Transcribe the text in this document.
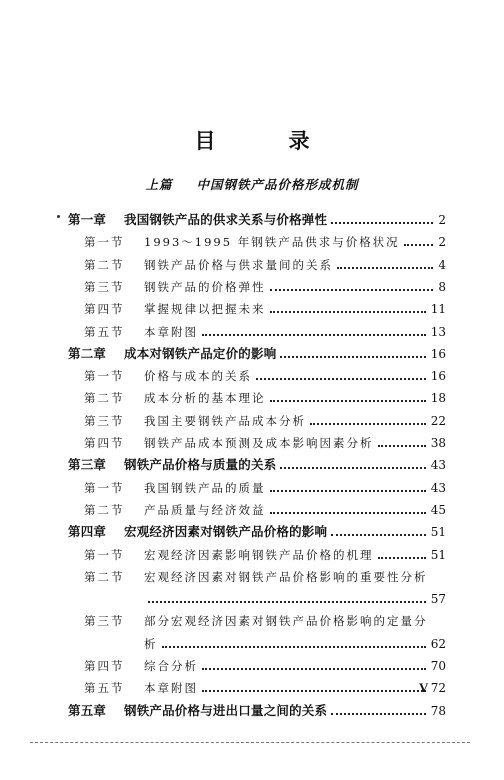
目　录
上篇 中国钢铁产品价格形成机制
第一章	我国钢铁产品的供求关系与价格弹性	2
第一节	1993～1995 年钢铁产品供求与价格状况	2
第二节	钢铁产品价格与供求量间的关系	4
第三节	钢铁产品的价格弹性	8
第四节	掌握规律以把握未来	11
第五节	本章附图	13
第二章	成本对钢铁产品定价的影响	16
第一节	价格与成本的关系	16
第二节	成本分析的基本理论	18
第三节	我国主要钢铁产品成本分析	22
第四节	钢铁产品成本预测及成本影响因素分析	38
第三章	钢铁产品价格与质量的关系	43
第一节	我国钢铁产品的质量	43
第二节	产品质量与经济效益	45
第四章	宏观经济因素对钢铁产品价格的影响	51
第一节	宏观经济因素影响钢铁产品价格的机理	51
第二节	宏观经济因素对钢铁产品价格影响的重要性分析
57
第三节	部分宏观经济因素对钢铁产品价格影响的定量分
析	62
第四节	综合分析	70
第五节	本章附图	72
第五章	钢铁产品价格与进出口量之间的关系	78
V
